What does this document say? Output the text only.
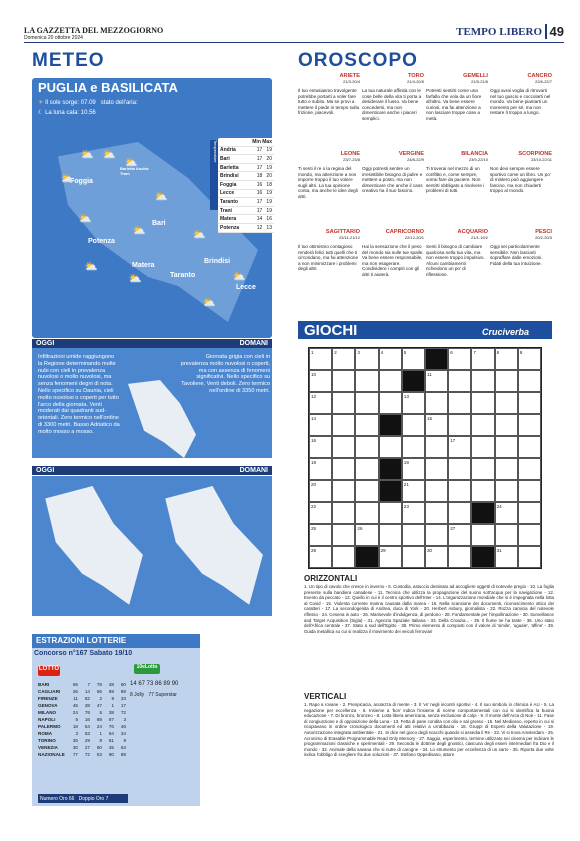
LA GAZZETTA DEL MEZZOGIORNO
Domenica 20 ottobre 2024	TEMPO LIBERO 49
METEO
PUGLIA e BASILICATA
☀ Il sole sorge: 07.09 stato dell'aria:
☾ La luna cala: 10.56
Foggia
Barletta Andria Trani
Bari
Potenza
Matera
Taranto
Brindisi
Lecce
⛅ ⛅
⛅
⛅
⛅
⛅
⛅	⛅
⛅
⛅	⛅
⛅
Temperature	Min Max
Andria	17   19
Bari	17   20
Barletta	17   19
Brindisi	18   20
Foggia	16   18
Lecce	16   19
Taranto	17   19
Trani	17   19
Matera	14   16
Potenza	12   13
OGGI	DOMANI
Infiltrazioni umide raggiungono la Regione determinando molte nubi con cieli in prevalenza nuvolosi o molto nuvolosi, ma senza fenomeni degni di nota. Nello specifico su Daunia, cieli molto nuvolosi o coperti per tutto l'arco della giornata. Venti moderati dai quadranti sud-orientali. Zero termico nell'ordine di 3300 metri. Basso Adriatico da molto mosso a mosso.
Giornata grigia con cieli in prevalenza molto nuvolosi o coperti, ma con assenza di fenomeni significativi. Nello specifico su Tavoliere. Venti deboli. Zero termico nell'ordine di 3350 metri.
OGGI	DOMANI
ESTRAZIONI LOTTERIE
Concorso n°167 Sabato 19/10
LOTTO	10eLotto
BARI	66	7	78	48	60
CAGLIARI	26	14	56	69	89
FIRENZE	11	82	2	9	33
GENOVA	45	38	47	1	17
MILANO	24	78	5	38	72
NAPOLI	5	16	69	87	3
PALERMO	18	54	24	76	46
ROMA	3	63	1	84	34
TORINO	35	29	8	61	9
VENEZIA	30	27	60	45	63
NAZIONALE	77	72	53	90	89
14 67 73 86 89 90
8 Jolly   77 Superstar
Numero Oro 66 Doppio Oro 7
OROSCOPO
ARIETE
21/3-20/4
Il tuo entusiasmo travolgente potrebbe portarti a voler fare tutto e subito. Ma se provi a mettere il piede in tempo sulla frizione, piacevoli.
TORO
21/4-20/5
La tua naturale affinità con le cose belle della vita ti porta a desiderare il lusso. Va bene concedersi, ma non dimenticare anche i piaceri semplici.
GEMELLI
21/5-21/6
Potresti sentirti come una farfalla che vola da un fiore all'altro. Va bene essere curiosi, ma fai attenzione a non lasciare troppe cose a metà.
CANCRO
22/6-22/7
Oggi avrai voglia di ritrovarti nel tuo guscio e coccolarti nel mondo. Va bene piantarti un momento per sé, ma non restare lì troppo a lungo.
LEONE
23/7-23/8
Ti senti il re o la regina del mondo, ma attenzione a non imporre troppo il tuo volere sugli altri. La tua opinione conta, ma anche le idee degli altri.
VERGINE
24/8-22/9
Oggi potresti sentire un irresistibile bisogno di pulire e mettere a posto, ma non dimenticare che anche il caos creativo ha il suo fascino.
BILANCIA
23/9-22/10
Ti troverai nel mezzo di un conflitto e, come sempre, vorrai fare da paciere. Non sentirti obbligato a risolvere i problemi di tutti.
SCORPIONE
23/10-22/11
Non devi sempre essere sportivo come un libro. Un po' di mistero può aggiungere fascino, ma non chiuderti troppo al mondo.
SAGITTARIO
23/11-21/12
Il tuo ottimismo contagioso renderà felici tutti quelli che ti circondano, ma fai attenzione a non minimizzare i problemi degli altri.
CAPRICORNO
22/12-20/1
Hai la sensazione che il peso del mondo sia sulle tue spalle. Va bene essere responsabile, ma non esagerare. Condividere i compiti con gli altri ti aiuterà.
ACQUARIO
21/1-19/2
Senti il bisogno di cambiare qualcosa nella tua vita, ma non essere troppo impulsivo. Alcuni cambiamenti richiedono un po' di riflessione.
PESCI
20/2-20/3
Oggi sei particolarmente sensibile. Non lasciarti sopraffare dalle emozioni. Fidati della tua intuizione.
GIOCHI	Cruciverba
1	2	3	4	5	6	7	8	9
10	11
12	13
14	15
16	17
18	19
20	21
22	23	24
25	26	27
28	29	30	31
ORIZZONTALI
1. Un tipo di cavolo che cresce in inverno - 6. Custodia, astuccio destinato ad accogliere oggetti di notevole pregio - 10. La foglia presente sulla bandiera canadese - 11. Tecnica che utilizza la propagazione del suono sott'acqua per la navigazione - 12. Evento da peccato - 13. Quello in cui è il centro sportivo dell'Inter - 14. L'organizzazione mondiale che si è impegnata nella lotta al Covid - 15. Violenta corrente marina causata dalla marea - 16. Nella scansione dei documenti, riconoscimento ottico dei caratteri - 17. La secondogenita di Andrea, duca di York - 20. Herbert Asbury, giornalista - 22. Rozza camicia del notevole riflesso - 24. Cesena in auto - 26. Marisevole d'indulgenza, di perdono - 28. Fondamentale per l'impollinazione - 30. Surveillance and Target Acquisition (Sigla) - 31. Agenzia Spaziale Italiana - 33. Della Croazia... - 35. Il fiume ne ha tante - 36. Uno stato dell'Africa centrale - 37. Stato a sud dell'Egitto - 38. Primo elemento di composti con il valore di 'simile', 'uguale', 'affine' - 39. Guida metallica su cui si realizza il movimento dei veicoli ferroviari
VERTICALI
1. Rapo a rovane - 2. Prenpicacia, acutezza di mente - 3. Il 'vs' negli incontri sportivi - 4. Il suo simbolo in chimica è AU - 5. La negazione per eccellenza - 6. Insieme a 'bon' indica l'insieme di norme comportamentali con cui si identifica la buona educazione - 7. Di bronzo, bronzeo - 8. Lotta libera americana, senza esclusione di colpi - 9. Il monte dell'Arca di Noè - 11. Fase di congiunzione e di opposizione della Luna - 13. Fetta di pane condita con olio e sal grosso - 15. Nel Medioevo, reperto in cui si ricopiavano in ordine cronologico documenti ed atti relativi a un'abbazia - 18. Gruppi di Esperti della Valutazione - 19. Autorizzazione integrata ambientale - 21. Si dice nel gioco degli scacchi quando si assedia il Re - 23. Vi si trova Amsterdam - 25. Acronimo di Erasable Programmable Read Only Memory - 27. Saggio, esperimento, termine utilizzato nei cinema per indicare le programmazioni classiche e sperimentali - 29. Seconda le dottrine degli gnostici, ciascuna degli esseri intermediari fra Dio e il mondo - 32. Animale della savana che si nutre di carogne - 34. Lo strumento per eccellenza di un sarto - 35. Riporta due volte indica l'obbligo di scegliere fra due soluzioni - 37. Stefano Oppedisano, attore
